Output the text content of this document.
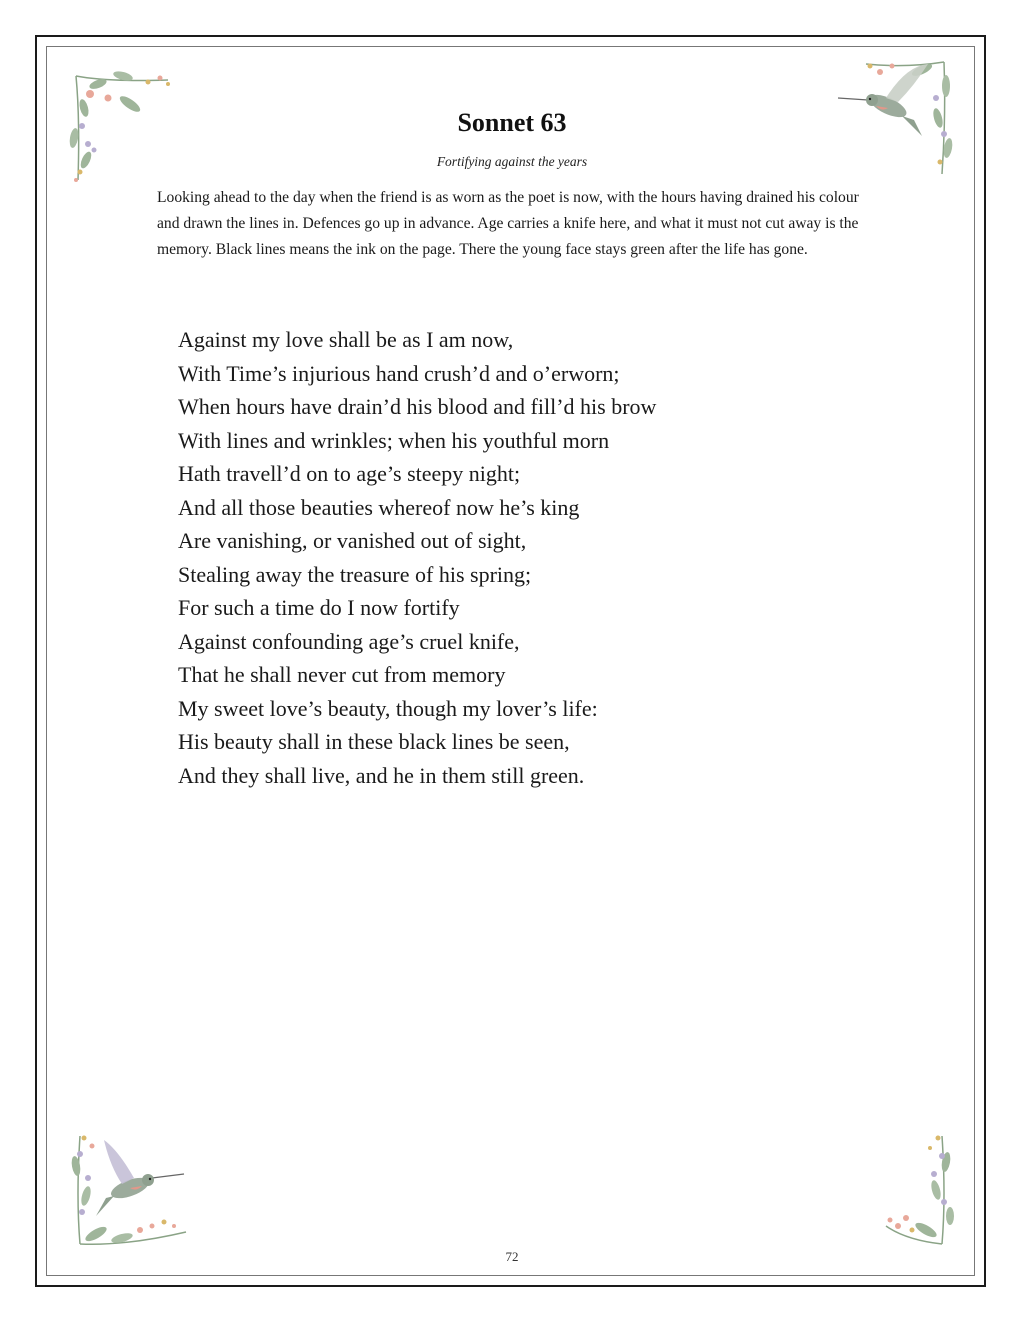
Sonnet 63
Fortifying against the years

Looking ahead to the day when the friend is as worn as the poet is now, with the hours having drained his colour and drawn the lines in. Defences go up in advance. Age carries a knife here, and what it must not cut away is the memory. Black lines means the ink on the page. There the young face stays green after the life has gone.

Against my love shall be as I am now,
With Time’s injurious hand crush’d and o’erworn;
When hours have drain’d his blood and fill’d his brow
With lines and wrinkles; when his youthful morn
Hath travell’d on to age’s steepy night;
And all those beauties whereof now he’s king
Are vanishing, or vanished out of sight,
Stealing away the treasure of his spring;
For such a time do I now fortify
Against confounding age’s cruel knife,
That he shall never cut from memory
My sweet love’s beauty, though my lover’s life:
His beauty shall in these black lines be seen,
And they shall live, and he in them still green.
72
